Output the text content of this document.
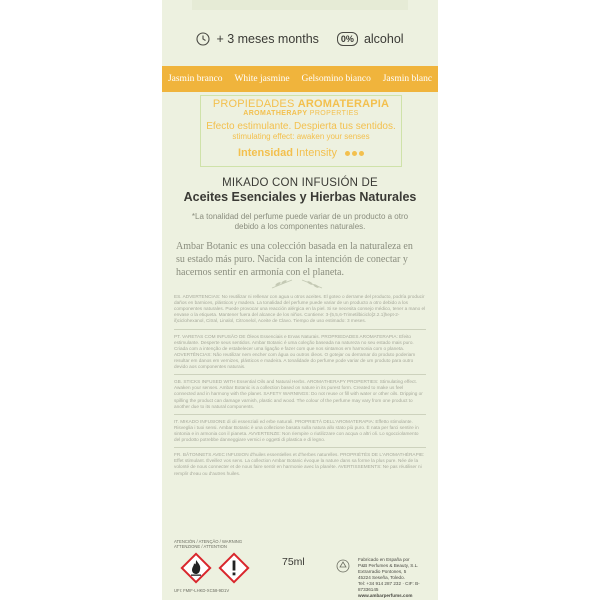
+ 3 meses months	0% alcohol
Jasmin branco White jasmine Gelsomino bianco Jasmin blanc
PROPIEDADES AROMATERAPIA
AROMATHERAPY PROPERTIES
Efecto estimulante. Despierta tus sentidos.
stimulating effect: awaken your senses
Intensidad Intensity
MIKADO CON INFUSIÓN DE
Aceites Esenciales y Hierbas Naturales
*La tonalidad del perfume puede variar de un producto a otro debido a los componentes naturales.
Ambar Botanic es una colección basada en la naturaleza en su estado más puro. Nacida con la intención de conectar y hacernos sentir en armonía con el planeta.

ES. ADVERTENCIAS: No reutilizar ni rellenar con agua u otros aceites. El goteo o derrame del producto, podría producir daños en barnices, plásticos y madera. La tonalidad del perfume puede variar de un producto a otro debido a los componentes naturales. Puede provocar una reacción alérgica en la piel. Si se necesita consejo médico, tener a mano el envase o la etiqueta. Mantener fuera del alcance de los niños. Contiene: 3-(5,5,6-Trimetilbiciclo[2.2.1]hept-2-il)ciclohexanol, Citral, Linalol, Citronelol, Aceite de Clavo. Tiempo de uso estimado: 3 meses.

PT. VARETAS COM INFUSÃO DE Óleos Essenciais e Ervas Naturais. PROPRIEDADES AROMATERAPIA: Efeito estimulante. Desperte seus sentidos. Ambar Botanic é uma coleção baseada na natureza no seu estado mais puro. Criada com a intenção de estabelecer uma ligação e fazer com que nos sintamos em harmonia com o planeta. ADVERTÊNCIAS: Não reutilizar nem encher com água ou outros óleos. O gotejar ou derramar do produto poderiam resultar em danos em vernizes, plásticos e madeira. A tonalidade do perfume pode variar de um produto para outro devido aos componentes naturais.

GB. STICKS INFUSED WITH Essential Oils and Natural Herbs. AROMATHERAPY PROPERTIES: Stimulating effect. Awaken your senses. Ambar Botanic is a collection based on nature in its purest form. Created to make us feel connected and in harmony with the planet. SAFETY WARNINGS: Do not reuse or fill with water or other oils. Dripping or spilling the product can damage varnish, plastic and wood. The colour of the perfume may vary from one product to another due to its natural components.

IT. MIKADO INFUSIONE di oli essenziali ed erbe naturali. PROPRIETÀ DELL'AROMATERAPIA: Effetto stimolante. Risveglia i tuoi sensi. Ambar Botanic è una collezione basata sulla natura allo stato più puro. È nata per farci sentire in sintonia e in armonia con il pianeta. AVVERTENZE: Non riempire o riutilizzare con acqua o altri oli. Lo sgocciolamento del prodotto potrebbe danneggiare vernici e oggetti di plastica e di legno.

FR. BÂTONNETS AVEC INFUSION d'huiles essentielles et d'herbes naturelles. PROPRIÉTÉS DE L'AROMATHÉRAPIE: Effet stimulant. Éveillez vos sens. La collection Ambar Botanic évoque la nature dans sa forme la plus pure. Née de la volonté de nous connecter et de nous faire sentir en harmonie avec la planète. AVERTISSEMENTS: Ne pas réutiliser ni remplir d'eau ou d'autres huiles.

ATENCIÓN / ATENÇÃO / WARNING
ATTENZIONE / ATTENTION
UFI: FMIF-LHKD-XC58-9D1V
75ml	Fabricado en España por
P&B Perfumes & Beauty, S.L.
Extrarradio Pontones, 5
45224 Seseña, Toledo.
Tel: +34 914 287 232 · CIF: B-87336145
www.ambarperfums.com
